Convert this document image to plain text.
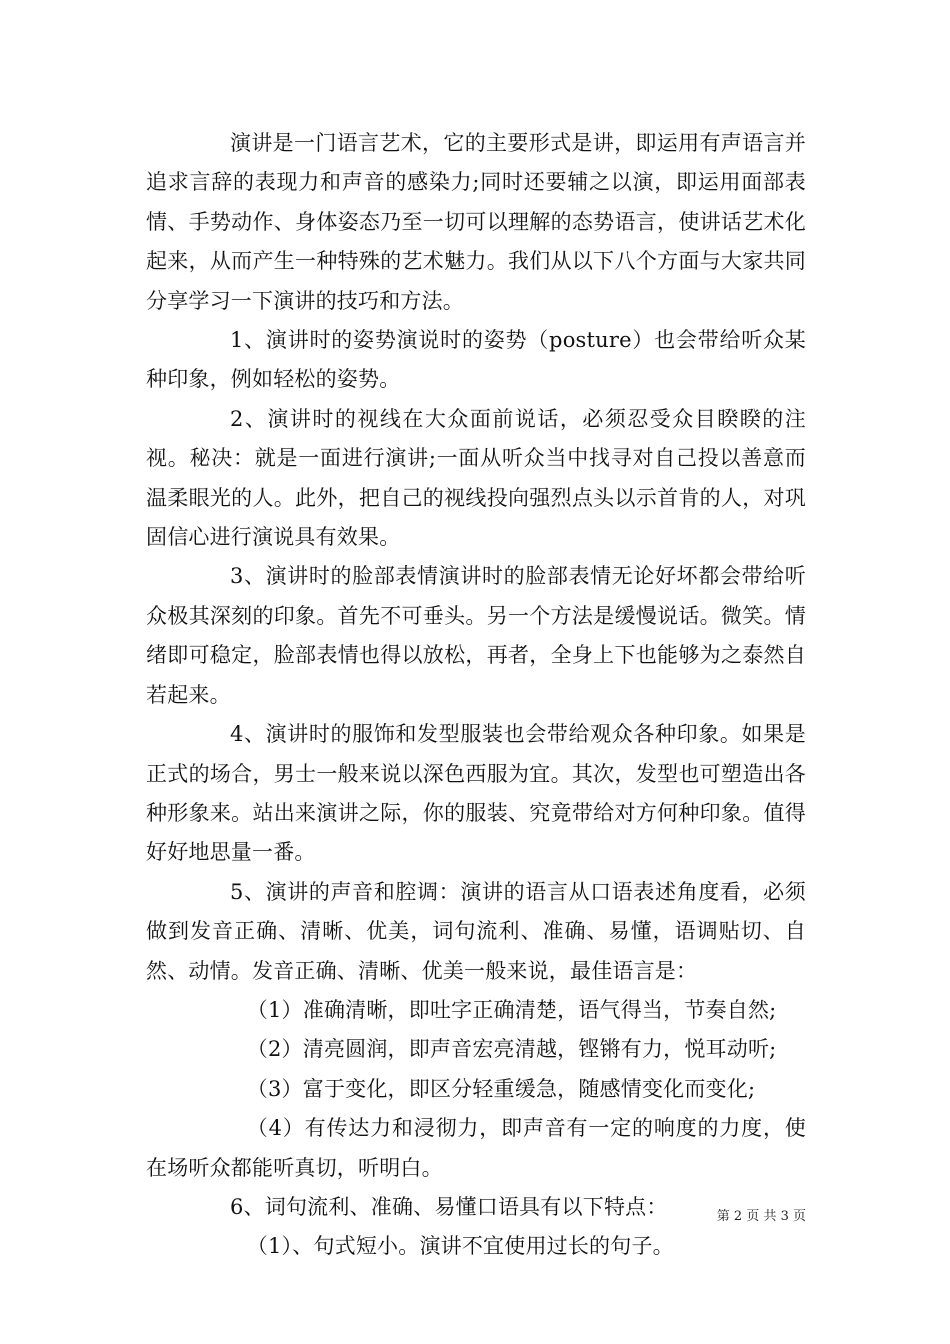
演讲是一门语言艺术，它的主要形式是讲，即运用有声语言并追求言辞的表现力和声音的感染力;同时还要辅之以演，即运用面部表情、手势动作、身体姿态乃至一切可以理解的态势语言，使讲话艺术化起来，从而产生一种特殊的艺术魅力。我们从以下八个方面与大家共同分享学习一下演讲的技巧和方法。

1、演讲时的姿势演说时的姿势（posture）也会带给听众某种印象，例如轻松的姿势。

2、演讲时的视线在大众面前说话，必须忍受众目睽睽的注视。秘决：就是一面进行演讲;一面从听众当中找寻对自己投以善意而温柔眼光的人。此外，把自己的视线投向强烈点头以示首肯的人，对巩固信心进行演说具有效果。

3、演讲时的脸部表情演讲时的脸部表情无论好坏都会带给听众极其深刻的印象。首先不可垂头。另一个方法是缓慢说话。微笑。情绪即可稳定，脸部表情也得以放松，再者，全身上下也能够为之泰然自若起来。

4、演讲时的服饰和发型服装也会带给观众各种印象。如果是正式的场合，男士一般来说以深色西服为宜。其次，发型也可塑造出各种形象来。站出来演讲之际，你的服装、究竟带给对方何种印象。值得好好地思量一番。

5、演讲的声音和腔调：演讲的语言从口语表述角度看，必须做到发音正确、清晰、优美，词句流利、准确、易懂，语调贴切、自然、动情。发音正确、清晰、优美一般来说，最佳语言是：

（1）准确清晰，即吐字正确清楚，语气得当，节奏自然;

（2）清亮圆润，即声音宏亮清越，铿锵有力，悦耳动听;

（3）富于变化，即区分轻重缓急，随感情变化而变化;

（4）有传达力和浸彻力，即声音有一定的响度的力度，使在场听众都能听真切，听明白。

6、词句流利、准确、易懂口语具有以下特点：

（1）、句式短小。演讲不宜使用过长的句子。

第 2 页 共 3 页
